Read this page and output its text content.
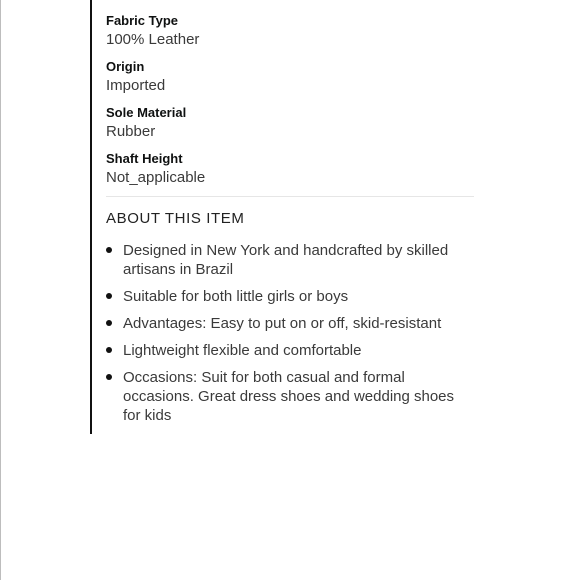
Fabric Type
100% Leather
Origin
Imported
Sole Material
Rubber
Shaft Height
Not_applicable
ABOUT THIS ITEM
Designed in New York and handcrafted by skilled artisans in Brazil
Suitable for both little girls or boys
Advantages: Easy to put on or off, skid-resistant
Lightweight flexible and comfortable
Occasions: Suit for both casual and formal occasions. Great dress shoes and wedding shoes for kids
